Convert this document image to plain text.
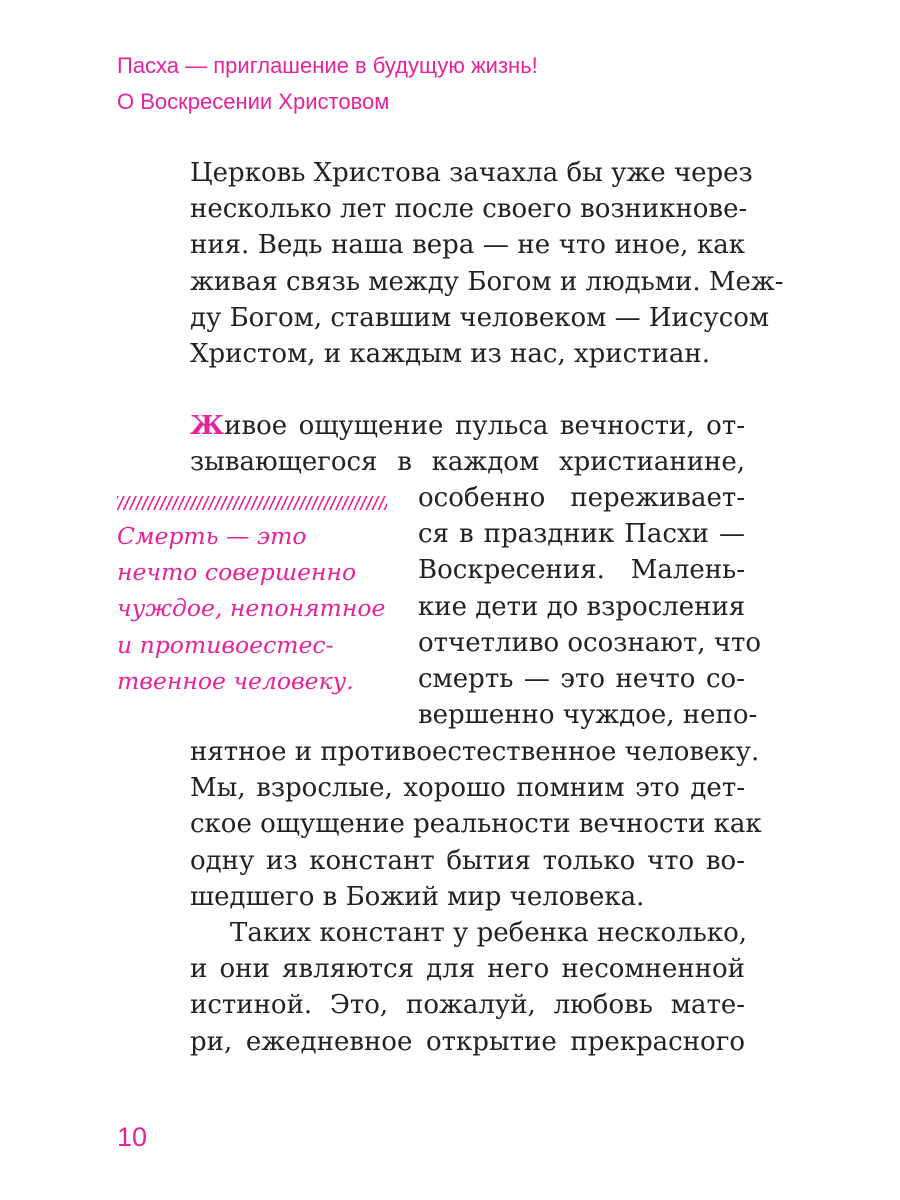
Пасха — приглашение в будущую жизнь!
О Воскресении Христовом
Церковь Христова зачахла бы уже через
несколько лет после своего возникнове-
ния. Ведь наша вера — не что иное, как
живая связь между Богом и людьми. Меж-
ду Богом, ставшим человеком — Иисусом
Христом, и каждым из нас, христиан.
Живое ощущение пульса вечности, от-
зывающегося в каждом христианине,
Смерть — это
нечто совершенно
чуждое, непонятное
и противоестес-
твенное человеку.
особенно переживает-
ся в праздник Пасхи —
Воскресения. Малень-
кие дети до взросления
отчетливо осознают, что
смерть — это нечто со-
вершенно чуждое, непо-
нятное и противоестественное человеку.
Мы, взрослые, хорошо помним это дет-
ское ощущение реальности вечности как
одну из констант бытия только что во-
шедшего в Божий мир человека.
Таких констант у ребенка несколько,
и они являются для него несомненной
истиной. Это, пожалуй, любовь мате-
ри, ежедневное открытие прекрасного
10
